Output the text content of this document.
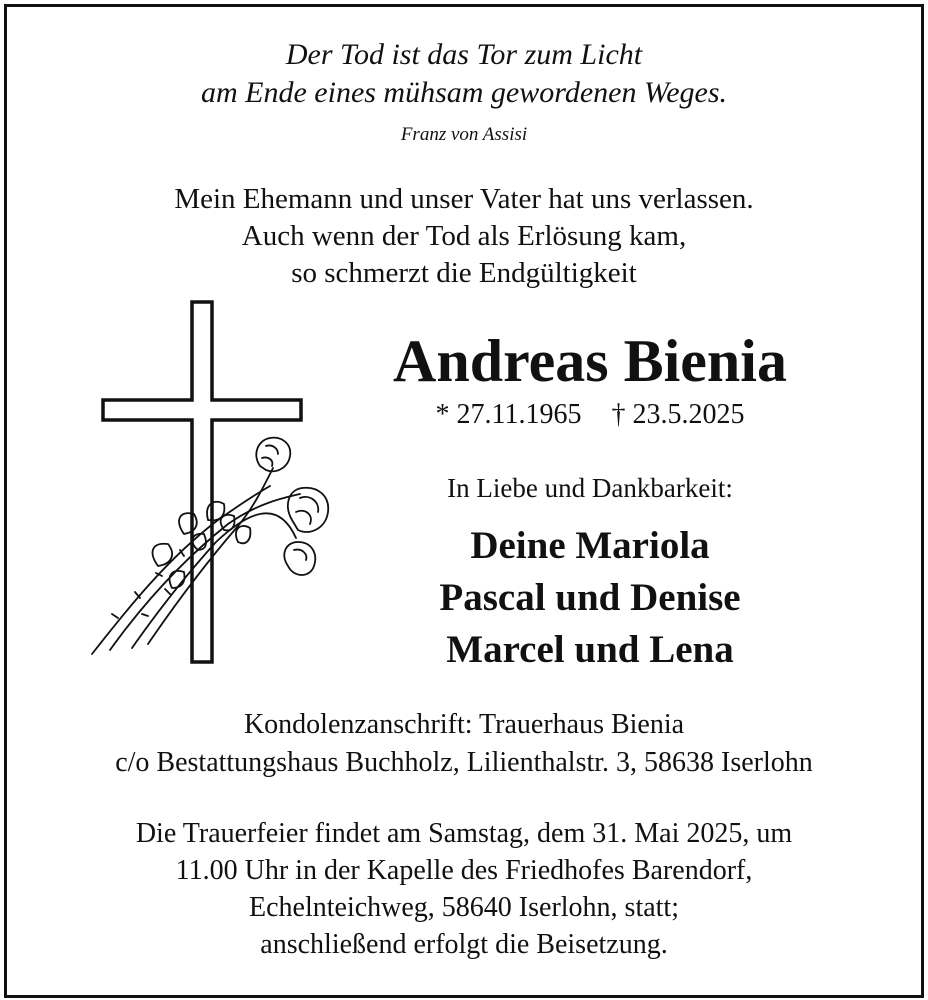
Der Tod ist das Tor zum Licht
am Ende eines mühsam gewordenen Weges.
Franz von Assisi
Mein Ehemann und unser Vater hat uns verlassen.
Auch wenn der Tod als Erlösung kam,
so schmerzt die Endgültigkeit
Andreas Bienia
* 27.11.1965 † 23.5.2025
In Liebe und Dankbarkeit:
Deine Mariola
Pascal und Denise
Marcel und Lena
Kondolenzanschrift: Trauerhaus Bienia
c/o Bestattungshaus Buchholz, Lilienthalstr. 3, 58638 Iserlohn
Die Trauerfeier findet am Samstag, dem 31. Mai 2025, um
11.00 Uhr in der Kapelle des Friedhofes Barendorf,
Echelnteichweg, 58640 Iserlohn, statt;
anschließend erfolgt die Beisetzung.
